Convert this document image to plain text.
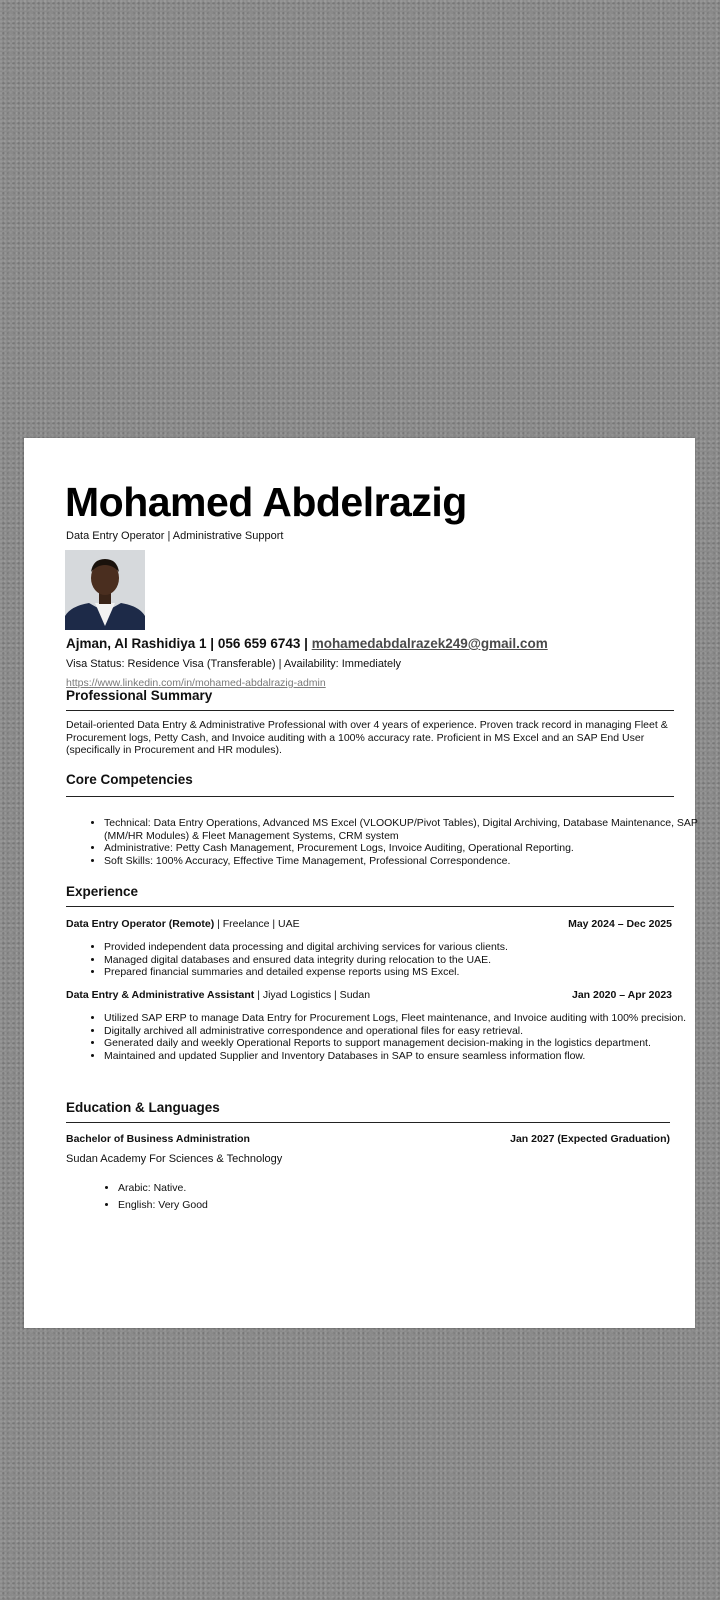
Mohamed Abdelrazig
Data Entry Operator | Administrative Support
Ajman, Al Rashidiya 1 | 056 659 6743 | mohamedabdalrazek249@gmail.com
Visa Status: Residence Visa (Transferable) | Availability: Immediately
https://www.linkedin.com/in/mohamed-abdalrazig-admin
Professional Summary
Detail-oriented Data Entry & Administrative Professional with over 4 years of experience. Proven track record in managing Fleet & Procurement logs, Petty Cash, and Invoice auditing with a 100% accuracy rate. Proficient in MS Excel and an SAP End User (specifically in Procurement and HR modules).
Core Competencies
• Technical: Data Entry Operations, Advanced MS Excel (VLOOKUP/Pivot Tables), Digital Archiving, Database Maintenance, SAP (MM/HR Modules) & Fleet Management Systems, CRM system
• Administrative: Petty Cash Management, Procurement Logs, Invoice Auditing, Operational Reporting.
• Soft Skills: 100% Accuracy, Effective Time Management, Professional Correspondence.
Experience
Data Entry Operator (Remote) | Freelance | UAE	May 2024 – Dec 2025
• Provided independent data processing and digital archiving services for various clients.
• Managed digital databases and ensured data integrity during relocation to the UAE.
• Prepared financial summaries and detailed expense reports using MS Excel.
Data Entry & Administrative Assistant | Jiyad Logistics | Sudan	Jan 2020 – Apr 2023
• Utilized SAP ERP to manage Data Entry for Procurement Logs, Fleet maintenance, and Invoice auditing with 100% precision.
• Digitally archived all administrative correspondence and operational files for easy retrieval.
• Generated daily and weekly Operational Reports to support management decision-making in the logistics department.
• Maintained and updated Supplier and Inventory Databases in SAP to ensure seamless information flow.
Education & Languages
Bachelor of Business Administration	Jan 2027 (Expected Graduation)
Sudan Academy For Sciences & Technology
• Arabic: Native.
• English: Very Good
